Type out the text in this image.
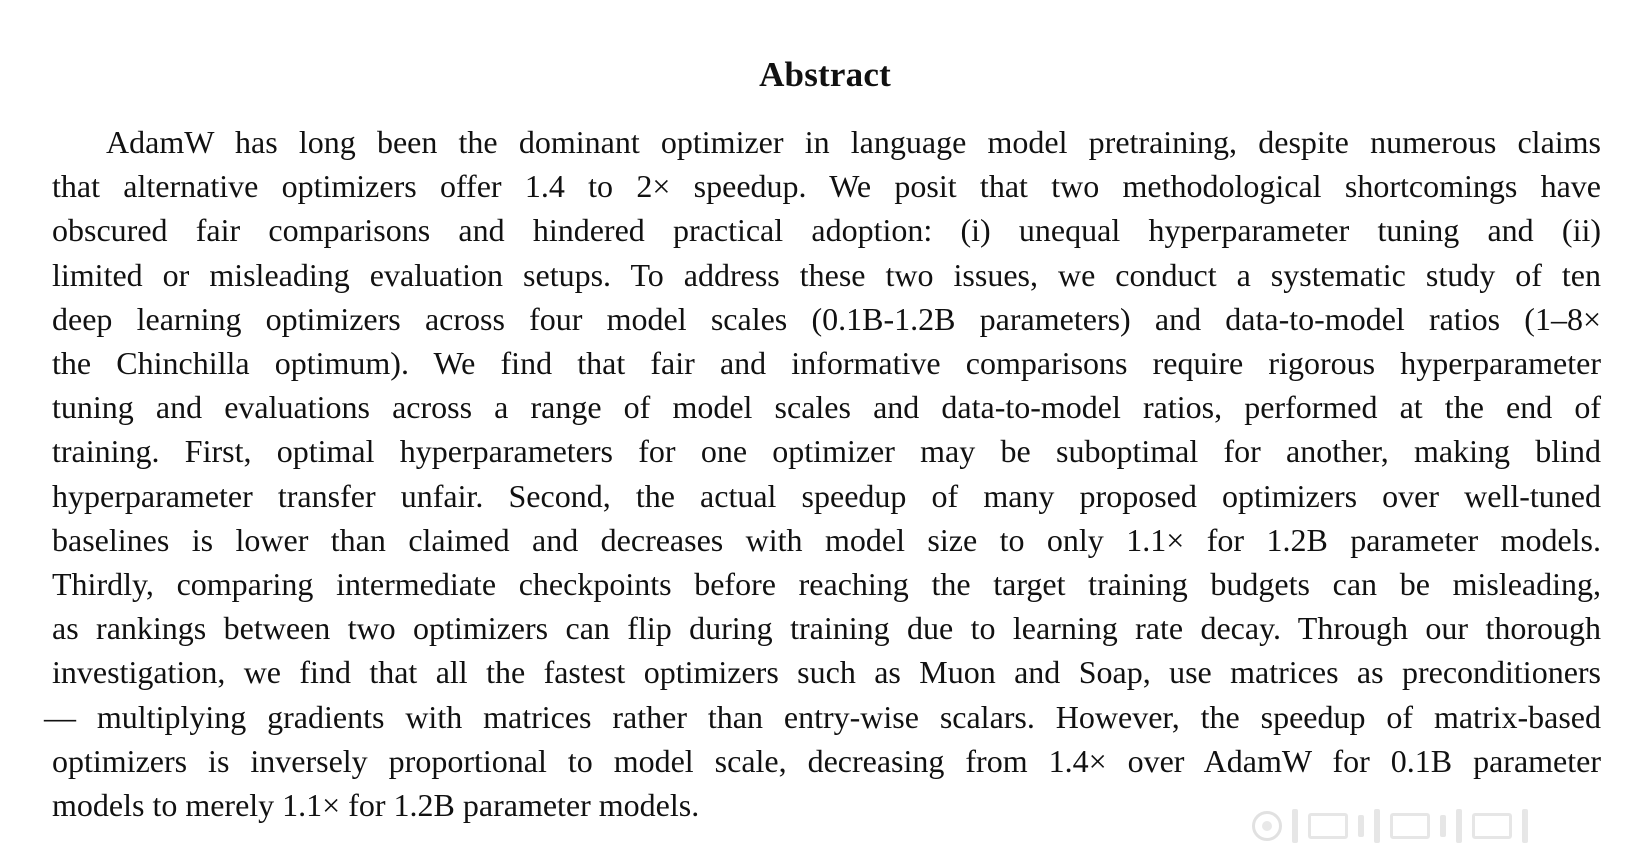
Abstract
AdamW has long been the dominant optimizer in language model pretraining, despite numerous claims
that alternative optimizers offer 1.4 to 2× speedup. We posit that two methodological shortcomings have
obscured fair comparisons and hindered practical adoption: (i) unequal hyperparameter tuning and (ii)
limited or misleading evaluation setups. To address these two issues, we conduct a systematic study of ten
deep learning optimizers across four model scales (0.1B-1.2B parameters) and data-to-model ratios (1–8×
the Chinchilla optimum). We find that fair and informative comparisons require rigorous hyperparameter
tuning and evaluations across a range of model scales and data-to-model ratios, performed at the end of
training. First, optimal hyperparameters for one optimizer may be suboptimal for another, making blind
hyperparameter transfer unfair. Second, the actual speedup of many proposed optimizers over well-tuned
baselines is lower than claimed and decreases with model size to only 1.1× for 1.2B parameter models.
Thirdly, comparing intermediate checkpoints before reaching the target training budgets can be misleading,
as rankings between two optimizers can flip during training due to learning rate decay. Through our thorough
investigation, we find that all the fastest optimizers such as Muon and Soap, use matrices as preconditioners
— multiplying gradients with matrices rather than entry-wise scalars. However, the speedup of matrix-based
optimizers is inversely proportional to model scale, decreasing from 1.4× over AdamW for 0.1B parameter
models to merely 1.1× for 1.2B parameter models.
